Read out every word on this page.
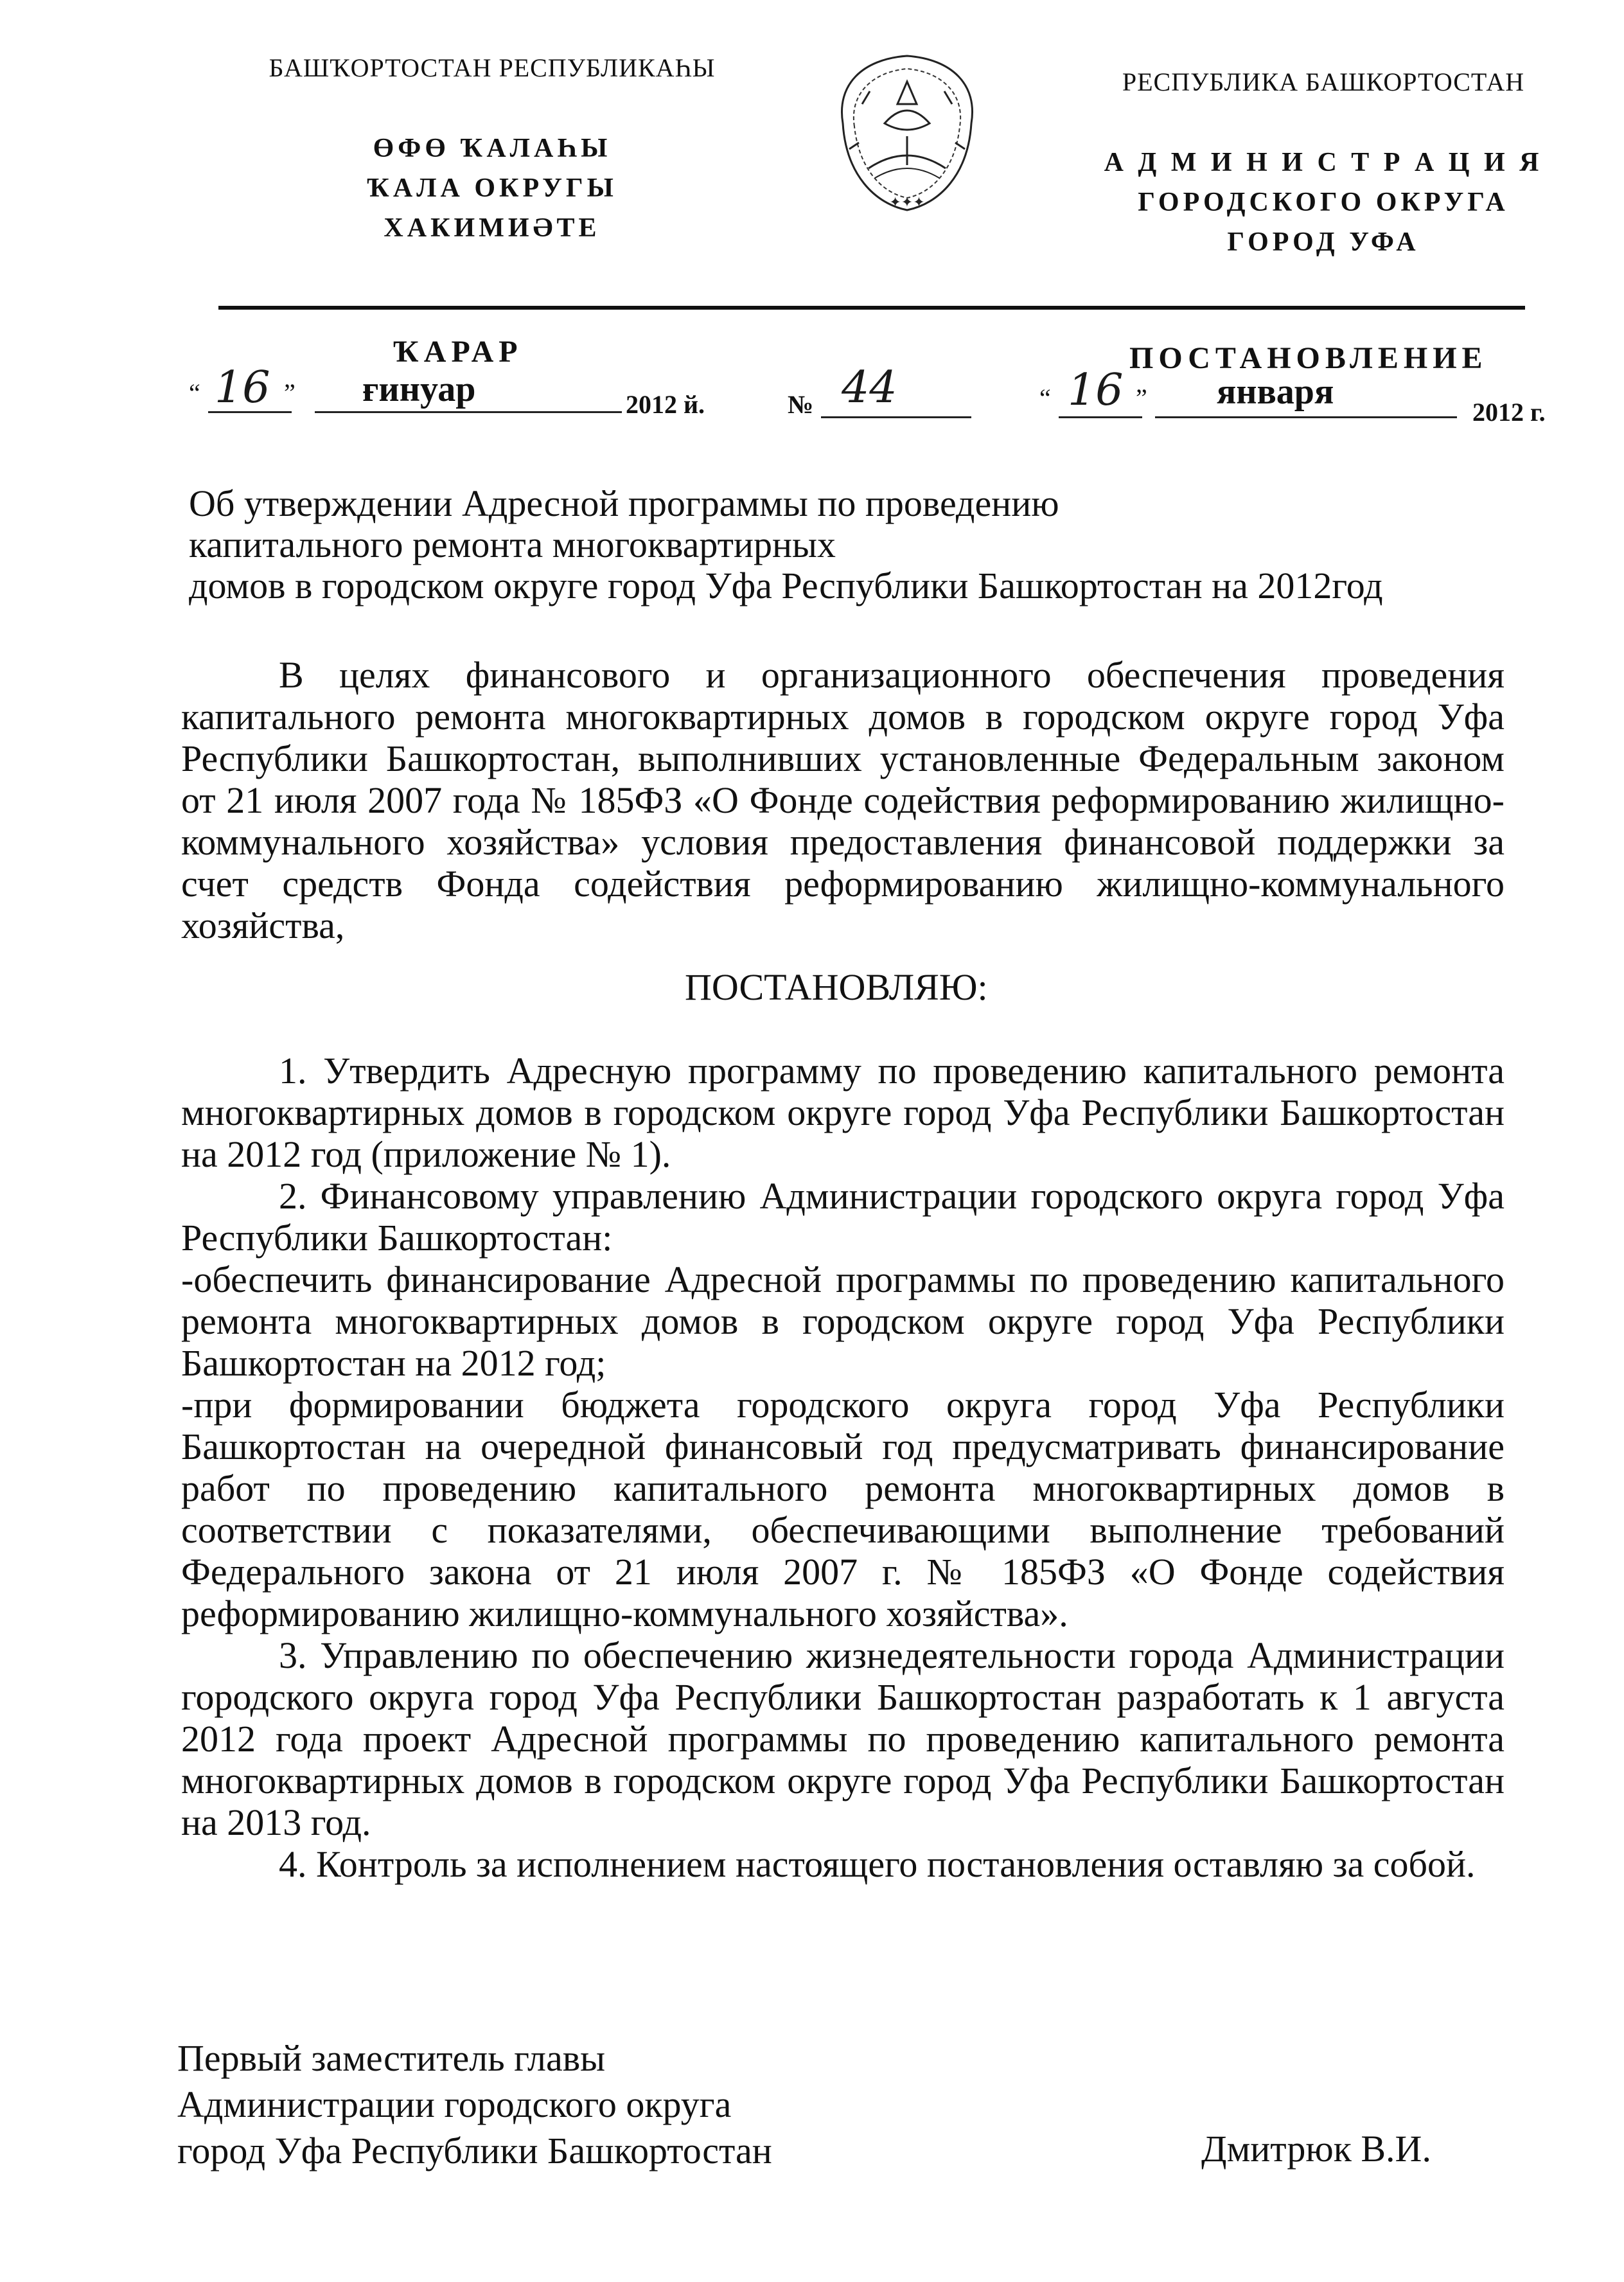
БАШҠОРТОСТАН РЕСПУБЛИКАҺЫ
ӨФӨ ҠАЛАҺЫ
ҠАЛА ОКРУГЫ
ХАКИМИӘТЕ
✦✦✦
РЕСПУБЛИКА БАШКОРТОСТАН
А Д М И Н И С Т Р А Ц И Я
ГОРОДСКОГО ОКРУГА
ГОРОД УФА
ҠАРАР	ПОСТАНОВЛЕНИЕ
“ 16 ” ғинуар	2012 й.	№ 44	“ 16 ” января
2012 г.
Об утверждении Адресной программы по проведению
капитального ремонта многоквартирных
домов в городском округе город Уфа Республики Башкортостан на 2012год

В целях финансового и организационного обеспечения проведения капитального ремонта многоквартирных домов в городском округе город Уфа Республики Башкортостан, выполнивших установленные Федеральным законом от 21 июля 2007 года № 185ФЗ «О Фонде содействия реформированию жилищно-коммунального хозяйства» условия предоставления финансовой поддержки за счет средств Фонда содействия реформированию жилищно-коммунального хозяйства,

ПОСТАНОВЛЯЮ:

1. Утвердить Адресную программу по проведению капитального ремонта многоквартирных домов в городском округе город Уфа Республики Башкортостан на 2012 год (приложение № 1).

2. Финансовому управлению Администрации городского округа город Уфа Республики Башкортостан:

-обеспечить финансирование Адресной программы по проведению капитального ремонта многоквартирных домов в городском округе город Уфа Республики Башкортостан на 2012 год;

-при формировании бюджета городского округа город Уфа Республики Башкортостан на очередной финансовый год предусматривать финансирование работ по проведению капитального ремонта многоквартирных домов в соответствии с показателями, обеспечивающими выполнение требований Федерального закона от 21 июля 2007 г. № 185ФЗ «О Фонде содействия реформированию жилищно-коммунального хозяйства».

3. Управлению по обеспечению жизнедеятельности города Администрации городского округа город Уфа Республики Башкортостан разработать к 1 августа 2012 года проект Адресной программы по проведению капитального ремонта многоквартирных домов в городском округе город Уфа Республики Башкортостан на 2013 год.

4. Контроль за исполнением настоящего постановления оставляю за собой.

Первый заместитель главы
Администрации городского округа
город Уфа Республики Башкортостан	Дмитрюк В.И.
